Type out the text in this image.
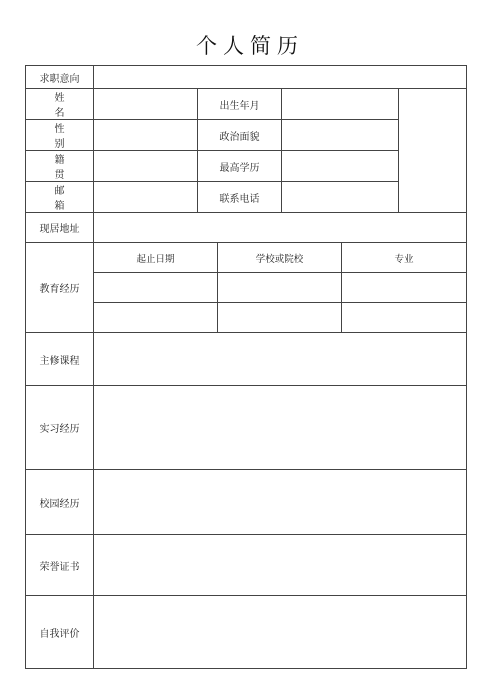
个人简历
求职意向						
姓名		出生年月				
性别		政治面貌				
籍贯		最高学历				
邮箱		联系电话				
现居地址						
教育经历	起止日期		学校或院校		专业	

主修课程						
实习经历						
校园经历						
荣誉证书						
自我评价						
